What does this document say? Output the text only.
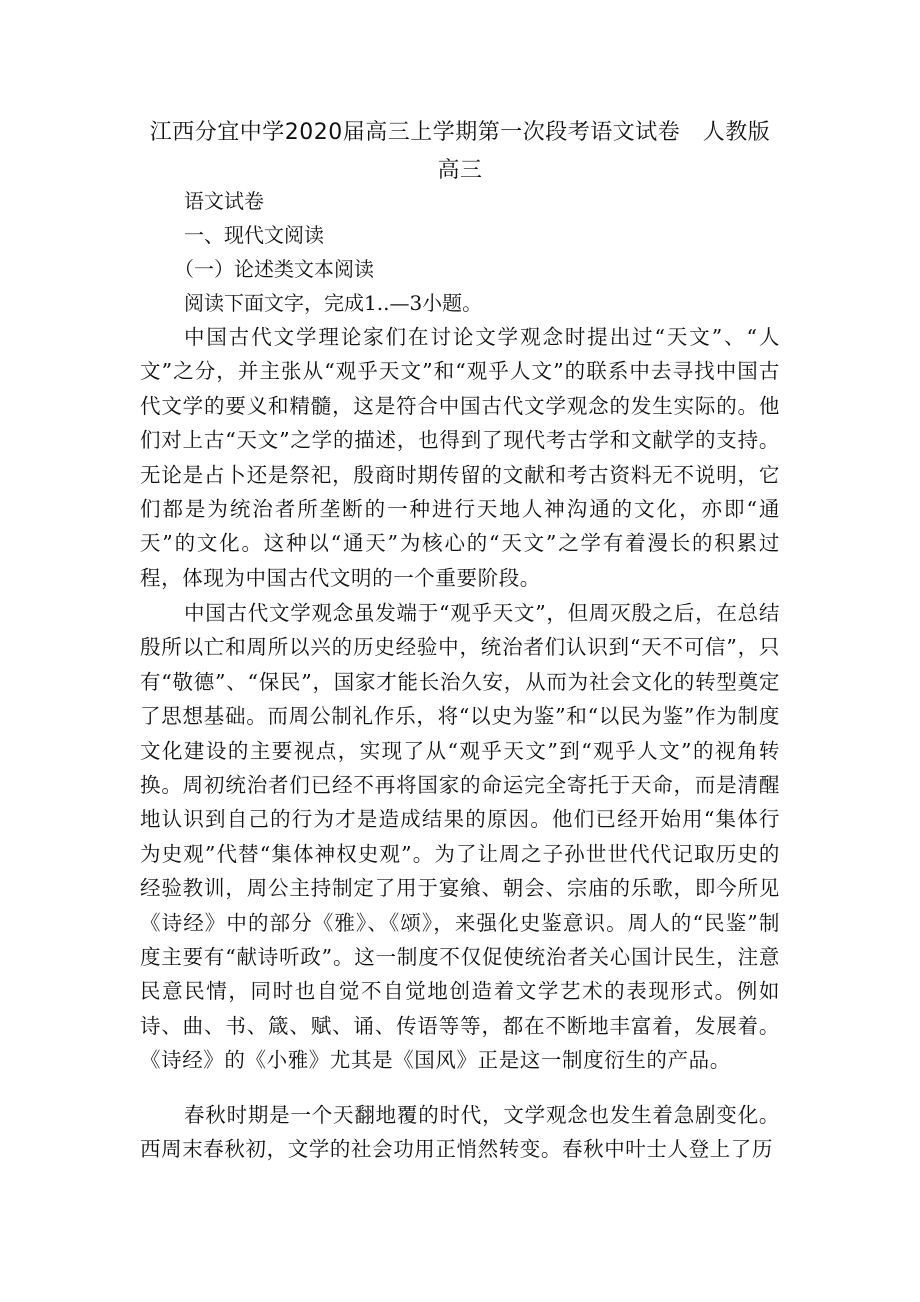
江西分宜中学2020届高三上学期第一次段考语文试卷　人教版
高三
语文试卷
一、现代文阅读
（一）论述类文本阅读
阅读下面文字，完成1..—3小题。
中国古代文学理论家们在讨论文学观念时提出过“天文”、“人文”之分，并主张从“观乎天文”和“观乎人文”的联系中去寻找中国古代文学的要义和精髓，这是符合中国古代文学观念的发生实际的。他们对上古“天文”之学的描述，也得到了现代考古学和文献学的支持。无论是占卜还是祭祀，殷商时期传留的文献和考古资料无不说明，它们都是为统治者所垄断的一种进行天地人神沟通的文化，亦即“通天”的文化。这种以“通天”为核心的“天文”之学有着漫长的积累过程，体现为中国古代文明的一个重要阶段。
中国古代文学观念虽发端于“观乎天文”，但周灭殷之后，在总结殷所以亡和周所以兴的历史经验中，统治者们认识到“天不可信”，只有“敬德”、“保民”，国家才能长治久安，从而为社会文化的转型奠定了思想基础。而周公制礼作乐，将“以史为鉴”和“以民为鉴”作为制度文化建设的主要视点，实现了从“观乎天文”到“观乎人文”的视角转换。周初统治者们已经不再将国家的命运完全寄托于天命，而是清醒地认识到自己的行为才是造成结果的原因。他们已经开始用“集体行为史观”代替“集体神权史观”。为了让周之子孙世世代代记取历史的经验教训，周公主持制定了用于宴飨、朝会、宗庙的乐歌，即今所见《诗经》中的部分《雅》、《颂》，来强化史鉴意识。周人的“民鉴”制度主要有“献诗听政”。这一制度不仅促使统治者关心国计民生，注意民意民情，同时也自觉不自觉地创造着文学艺术的表现形式。例如诗、曲、书、箴、赋、诵、传语等等，都在不断地丰富着，发展着。《诗经》的《小雅》尤其是《国风》正是这一制度衍生的产品。
春秋时期是一个天翻地覆的时代，文学观念也发生着急剧变化。西周末春秋初，文学的社会功用正悄然转变。春秋中叶士人登上了历
